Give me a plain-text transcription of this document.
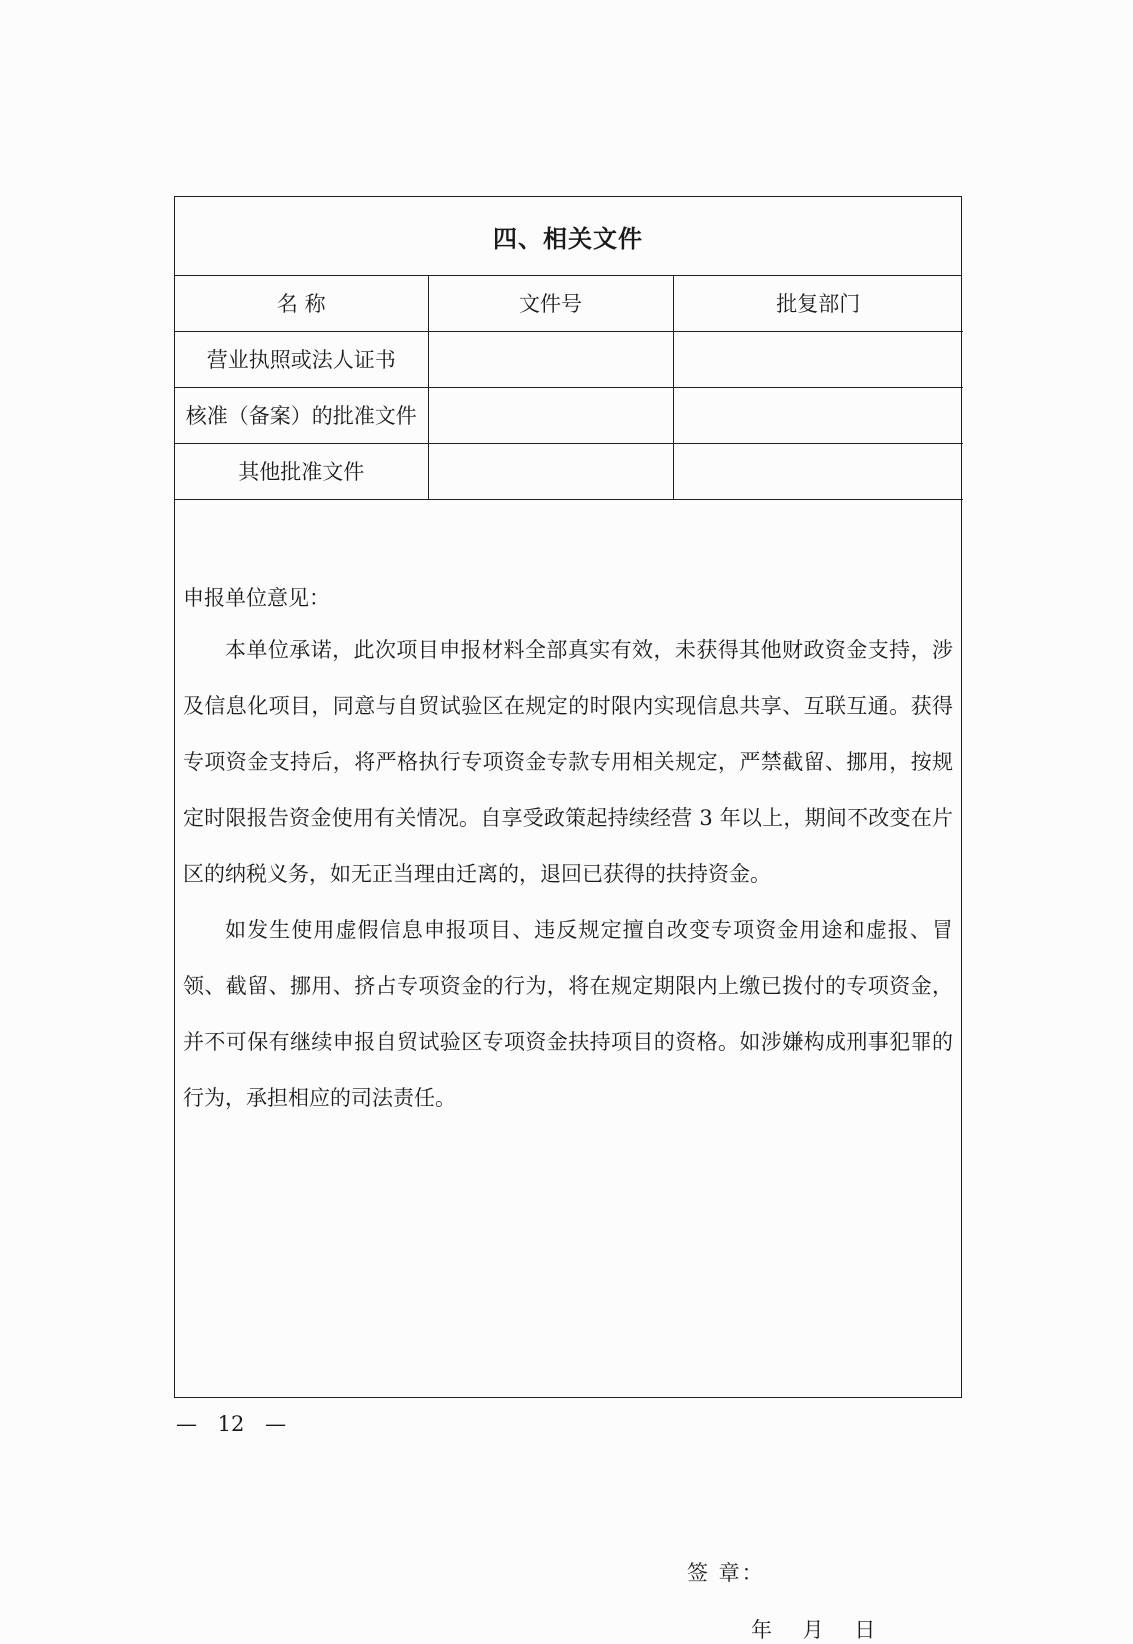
四、相关文件
名 称	文件号	批复部门
营业执照或法人证书		
核准（备案）的批准文件		
其他批准文件		
申报单位意见：
本单位承诺，此次项目申报材料全部真实有效，未获得其他财政资金支持，涉及信息化项目，同意与自贸试验区在规定的时限内实现信息共享、互联互通。获得专项资金支持后，将严格执行专项资金专款专用相关规定，严禁截留、挪用，按规定时限报告资金使用有关情况。自享受政策起持续经营 3 年以上，期间不改变在片区的纳税义务，如无正当理由迁离的，退回已获得的扶持资金。
如发生使用虚假信息申报项目、违反规定擅自改变专项资金用途和虚报、冒领、截留、挪用、挤占专项资金的行为，将在规定期限内上缴已拨付的专项资金，并不可保有继续申报自贸试验区专项资金扶持项目的资格。如涉嫌构成刑事犯罪的行为，承担相应的司法责任。
签 章：
年 月 日
— 12 —
